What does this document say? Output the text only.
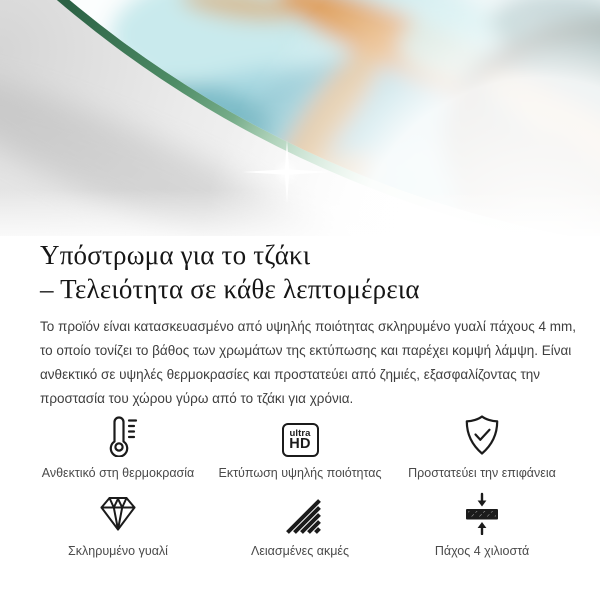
Υπόστρωμα για το τζάκι
– Τελειότητα σε κάθε λεπτομέρεια

Το προϊόν είναι κατασκευασμένο από υψηλής ποιότητας σκληρυμένο γυαλί πάχους 4 mm,
το οποίο τονίζει το βάθος των χρωμάτων της εκτύπωσης και παρέχει κομψή λάμψη. Είναι
ανθεκτικό σε υψηλές θερμοκρασίες και προστατεύει από ζημιές, εξασφαλίζοντας την
προστασία του χώρου γύρω από το τζάκι για χρόνια.

Ανθεκτικό στη θερμοκρασία
ultra
HD
Εκτύπωση υψηλής ποιότητας Προστατεύει την επιφάνεια
Σκληρυμένο γυαλί	Λειασμένες ακμές	Πάχος 4 χιλιοστά
